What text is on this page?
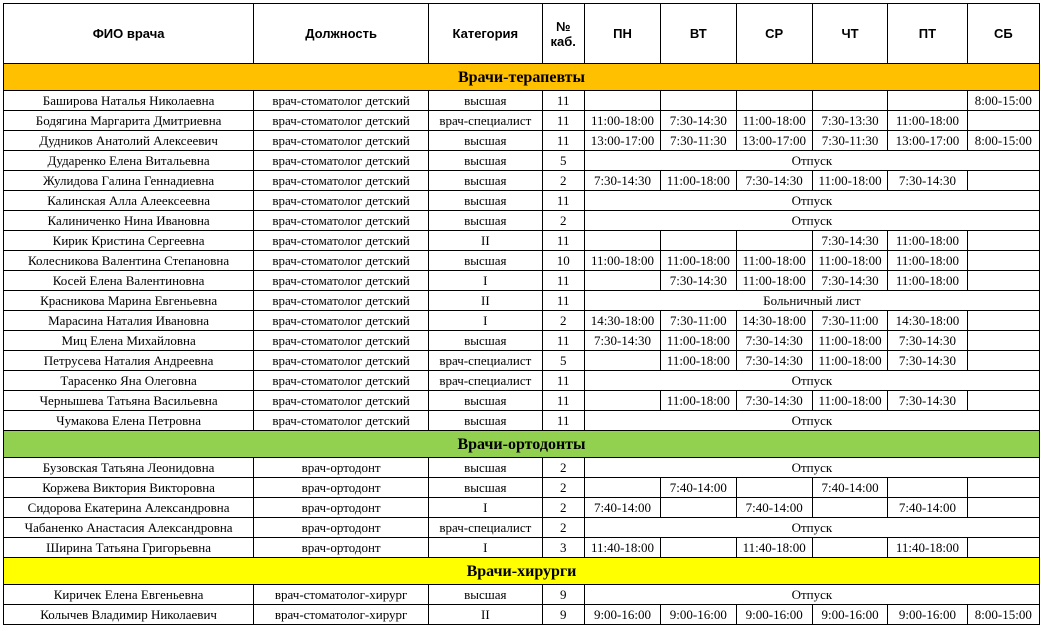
ФИО врача	Должность	Категория	№ каб.	ПН	ВТ	СР	ЧТ	ПТ	СБ
Врачи-терапевты									
Баширова Наталья Николаевна	врач-стоматолог детский	высшая	11						8:00-15:00
Бодягина Маргарита Дмитриевна	врач-стоматолог детский	врач-специалист	11	11:00-18:00	7:30-14:30	11:00-18:00	7:30-13:30	11:00-18:00	
Дудников Анатолий Алексеевич	врач-стоматолог детский	высшая	11	13:00-17:00	7:30-11:30	13:00-17:00	7:30-11:30	13:00-17:00	8:00-15:00
Дударенко Елена Витальевна	врач-стоматолог детский	высшая	5	Отпуск					
Жулидова Галина Геннадиевна	врач-стоматолог детский	высшая	2	7:30-14:30	11:00-18:00	7:30-14:30	11:00-18:00	7:30-14:30	
Калинская Алла Алеексеевна	врач-стоматолог детский	высшая	11	Отпуск					
Калиниченко Нина Ивановна	врач-стоматолог детский	высшая	2	Отпуск					
Кирик Кристина Сергеевна	врач-стоматолог детский	II	11				7:30-14:30	11:00-18:00	
Колесникова Валентина Степановна	врач-стоматолог детский	высшая	10	11:00-18:00	11:00-18:00	11:00-18:00	11:00-18:00	11:00-18:00	
Косей Елена Валентиновна	врач-стоматолог детский	I	11		7:30-14:30	11:00-18:00	7:30-14:30	11:00-18:00	
Красникова Марина Евгеньевна	врач-стоматолог детский	II	11	Больничный лист					
Марасина Наталия Ивановна	врач-стоматолог детский	I	2	14:30-18:00	7:30-11:00	14:30-18:00	7:30-11:00	14:30-18:00	
Миц Елена Михайловна	врач-стоматолог детский	высшая	11	7:30-14:30	11:00-18:00	7:30-14:30	11:00-18:00	7:30-14:30	
Петрусева Наталия Андреевна	врач-стоматолог детский	врач-специалист	5		11:00-18:00	7:30-14:30	11:00-18:00	7:30-14:30	
Тарасенко Яна Олеговна	врач-стоматолог детский	врач-специалист	11	Отпуск					
Чернышева Татьяна Васильевна	врач-стоматолог детский	высшая	11		11:00-18:00	7:30-14:30	11:00-18:00	7:30-14:30	
Чумакова Елена Петровна	врач-стоматолог детский	высшая	11	Отпуск					
Врачи-ортодонты									
Бузовская Татьяна Леонидовна	врач-ортодонт	высшая	2	Отпуск					
Коржева Виктория Викторовна	врач-ортодонт	высшая	2		7:40-14:00		7:40-14:00		
Сидорова Екатерина Александровна	врач-ортодонт	I	2	7:40-14:00		7:40-14:00		7:40-14:00	
Чабаненко Анастасия Александровна	врач-ортодонт	врач-специалист	2	Отпуск					
Ширина Татьяна Григорьевна	врач-ортодонт	I	3	11:40-18:00		11:40-18:00		11:40-18:00	
Врачи-хирурги									
Киричек Елена Евгеньевна	врач-стоматолог-хирург	высшая	9	Отпуск					
Колычев Владимир Николаевич	врач-стоматолог-хирург	II	9	9:00-16:00	9:00-16:00	9:00-16:00	9:00-16:00	9:00-16:00	8:00-15:00
